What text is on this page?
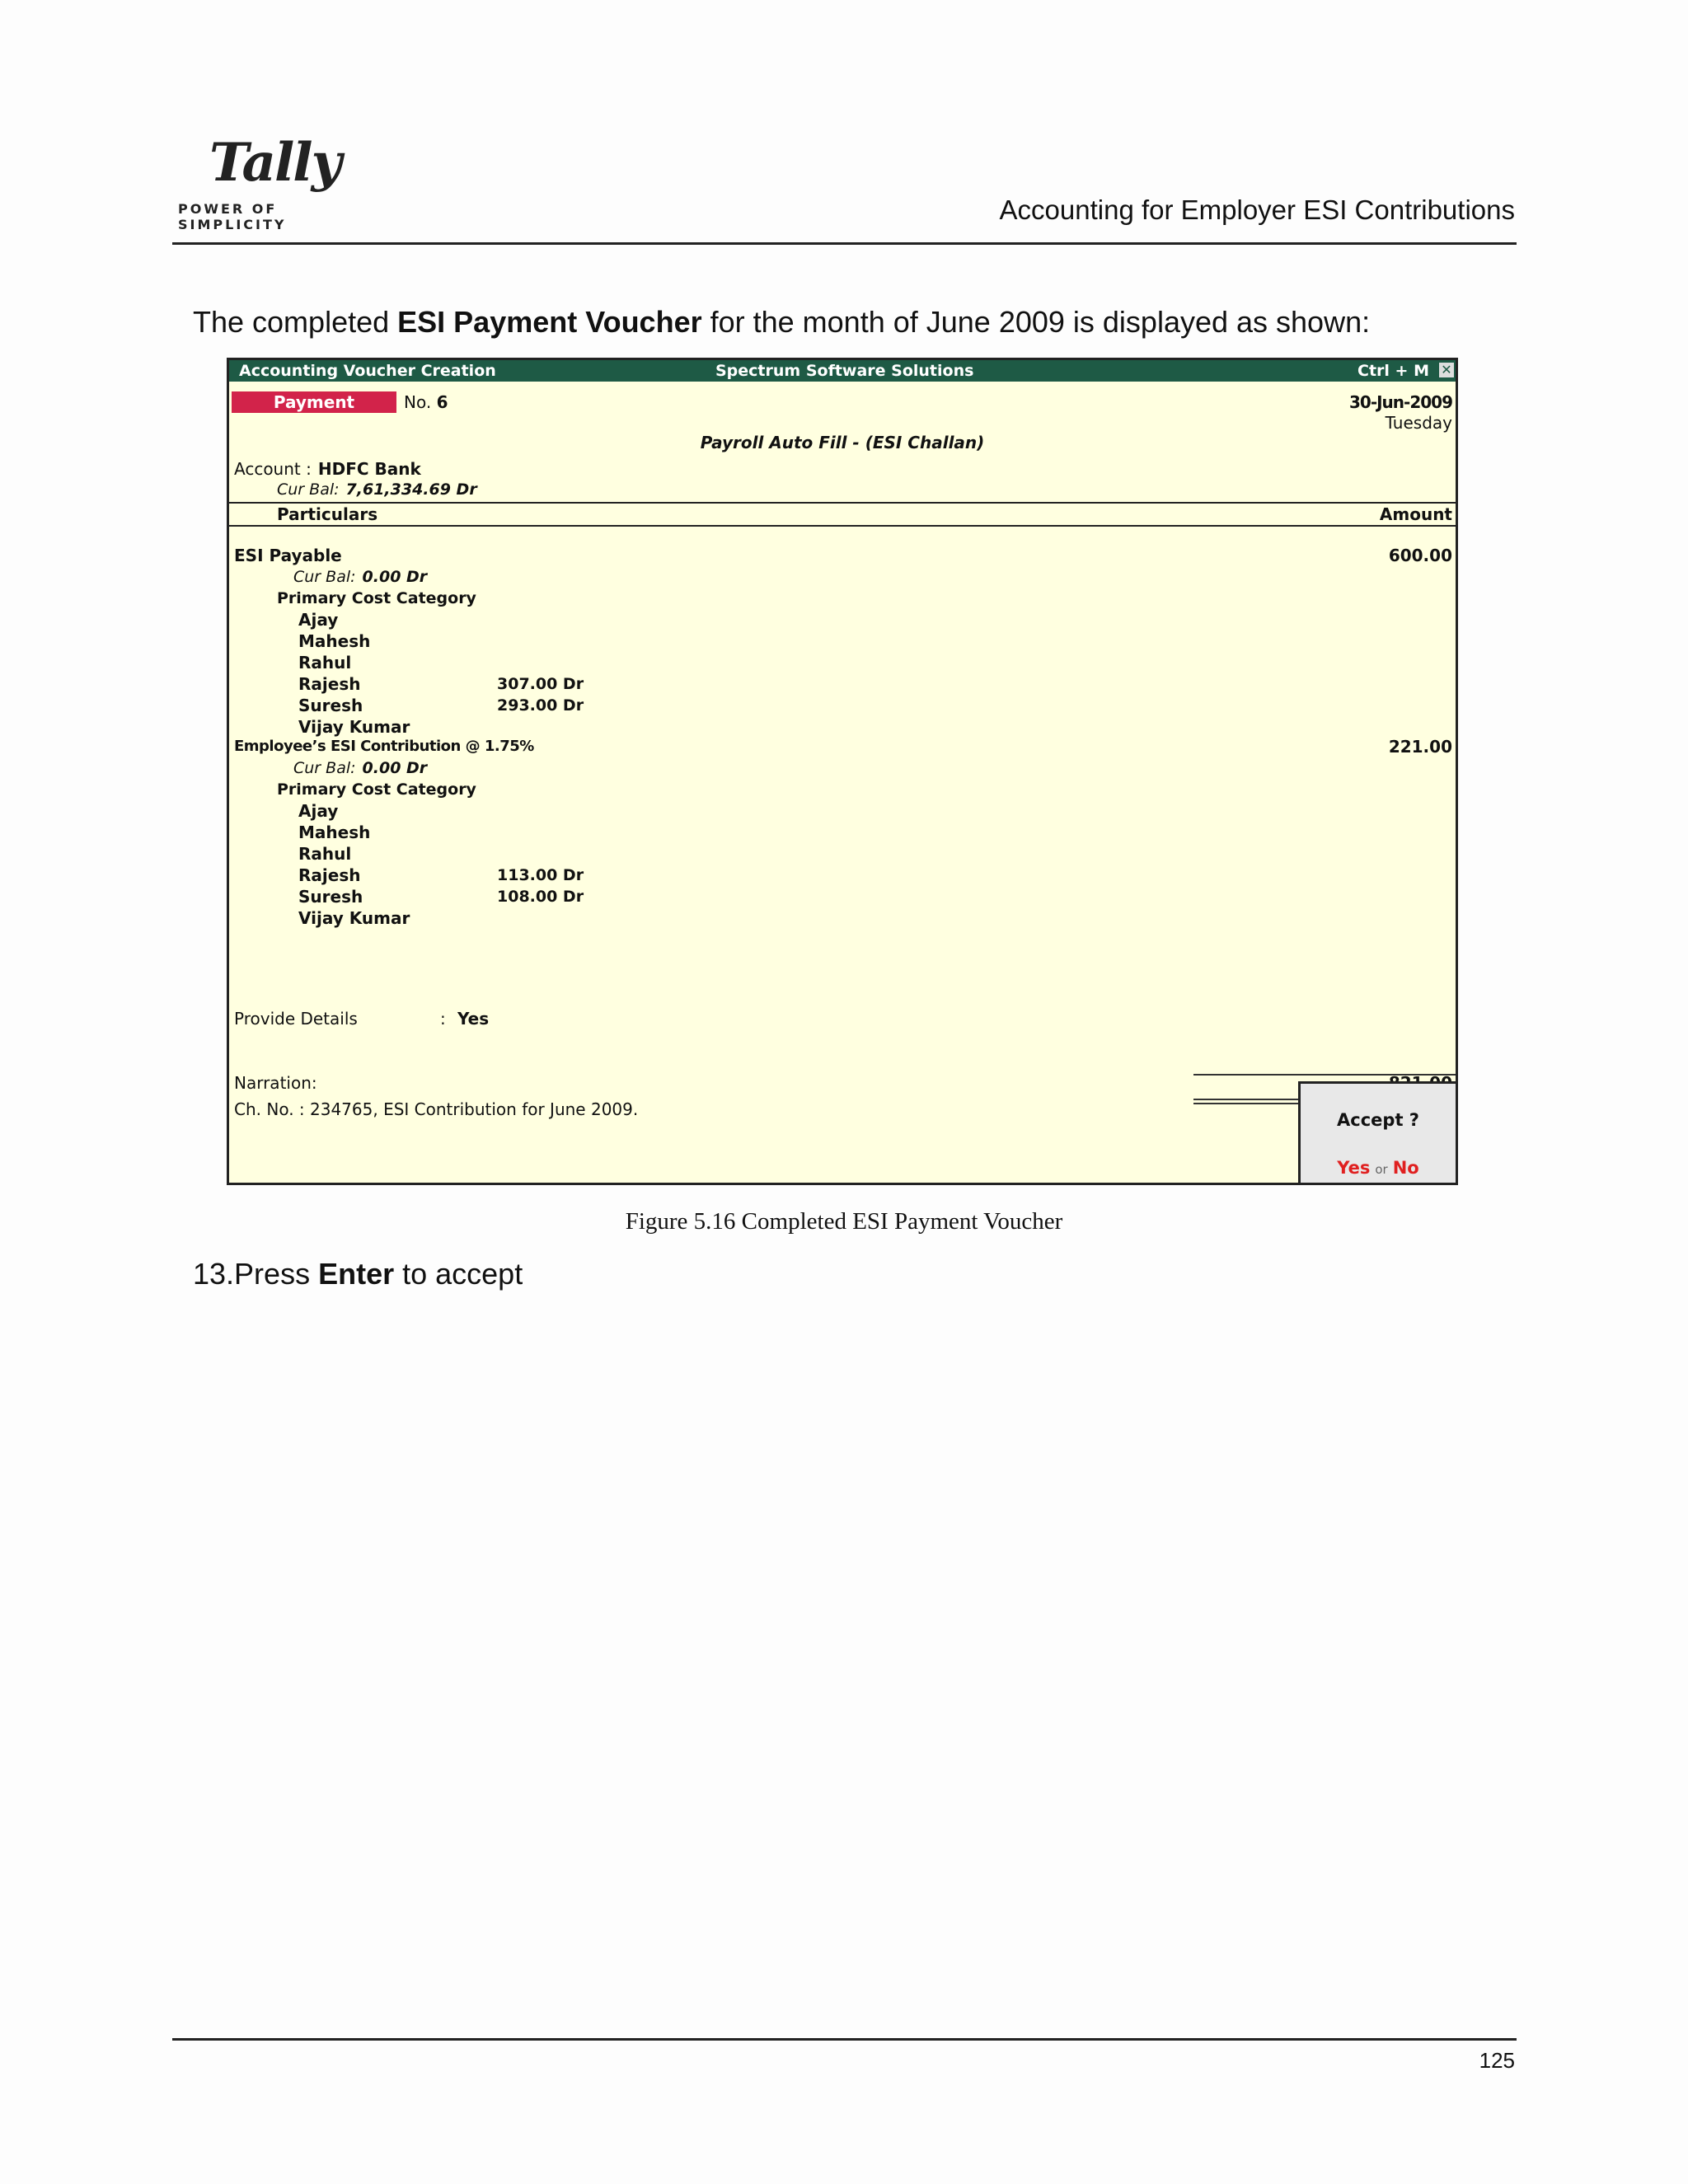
Tally
POWER OF SIMPLICITY	Accounting for Employer ESI Contributions
The completed ESI Payment Voucher for the month of June 2009 is displayed as shown:
Accounting Voucher Creation	Spectrum Software Solutions	Ctrl + M ✕
Payment	No. 6	30-Jun-2009
Tuesday
Payroll Auto Fill - (ESI Challan)
Account : HDFC Bank
Cur Bal: 7,61,334.69 Dr
Particulars	Amount
ESI Payable	600.00
Cur Bal: 0.00 Dr
Primary Cost Category
Ajay
Mahesh
Rahul
Rajesh	307.00 Dr
Suresh	293.00 Dr
Vijay Kumar
Employee’s ESI Contribution @ 1.75%	221.00
Cur Bal: 0.00 Dr
Primary Cost Category
Ajay
Mahesh
Rahul
Rajesh	113.00 Dr
Suresh	108.00 Dr
Vijay Kumar
Provide Details	: Yes
Narration:
Ch. No. : 234765, ESI Contribution for June 2009.
Accept ?
Yes or No
Figure 5.16 Completed ESI Payment Voucher
13.Press Enter to accept
125
